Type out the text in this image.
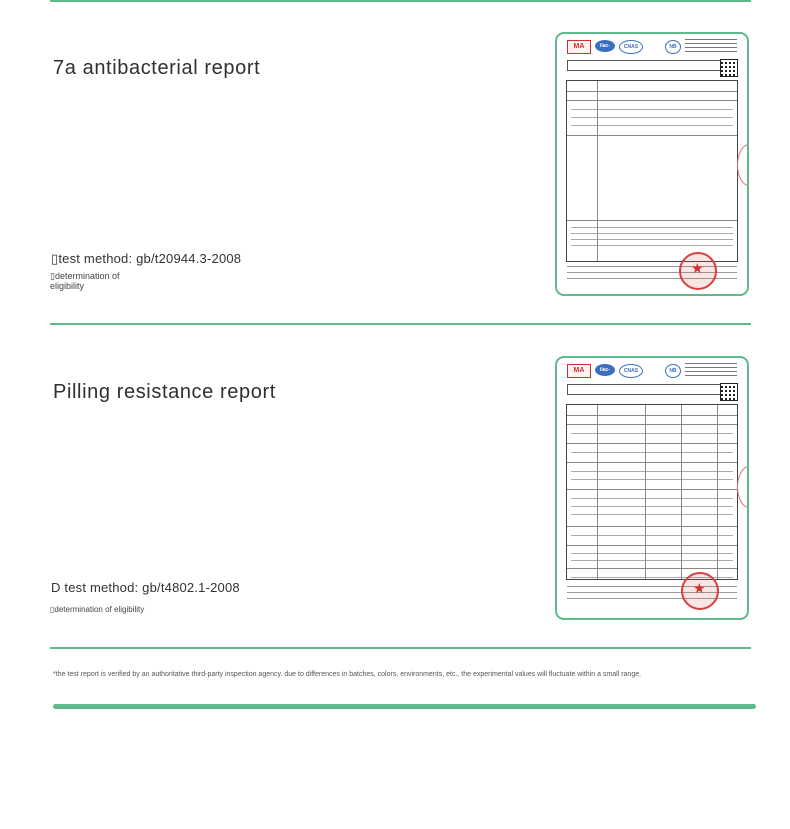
7a antibacterial report
▯test method: gb/t20944.3-2008
▯determination of eligibility
MA	ilac-MRA
CNAS	NB
★
Pilling resistance report
D test method: gb/t4802.1-2008
▯determination of eligibility
MA	ilac-MRA
CNAS	NB
★
*the test report is verified by an authoritative third-party inspection agency. due to differences in batches, colors, environments, etc., the experimental values will fluctuate within a small range.
